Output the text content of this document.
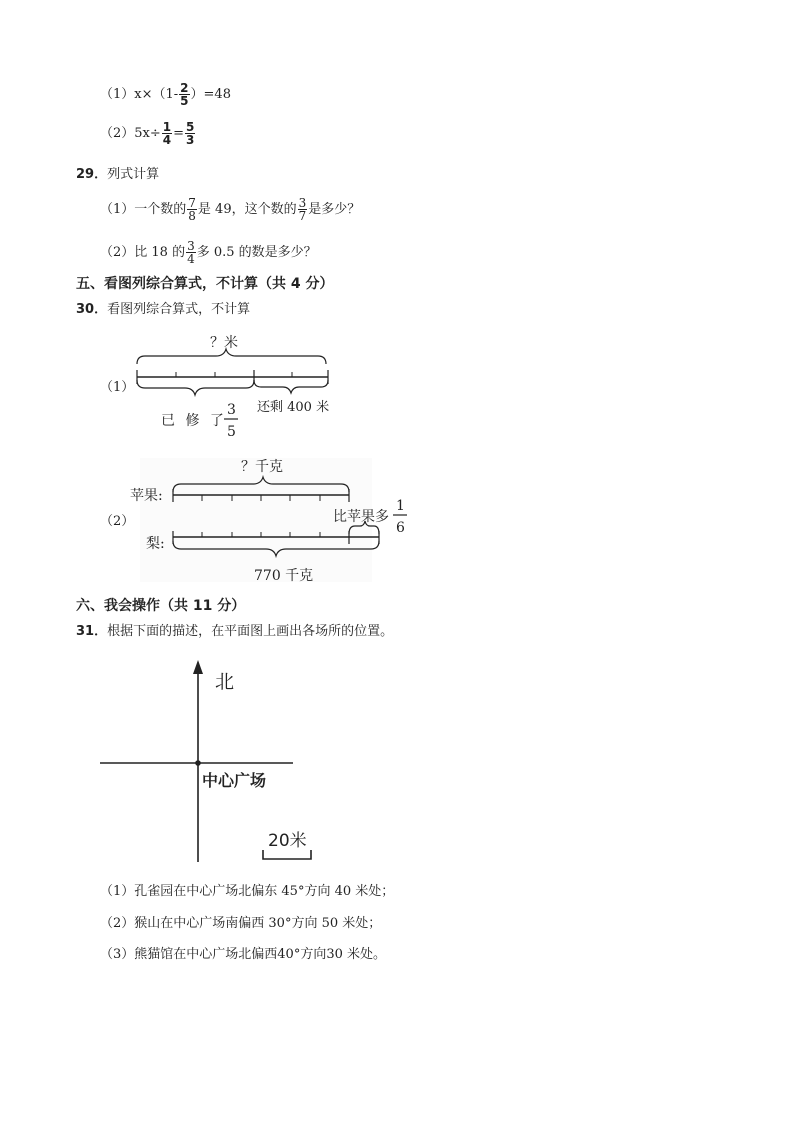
$(1)x\times(1- \frac{2}{5} )=48$
$(2)5x\div \frac{1}{4} = \frac{5}{3}$
29．列式计算
（1）一个数的 $\frac{7}{8}$ 是 49，这个数的 $\frac{3}{7}$ 是多少？
（2）比 18 的 $\frac{3}{4}$ 多 0.5 的数是多少？
五、看图列综合算式，不计算（共 4 分）
30．看图列综合算式，不计算
（1）
？米
还剩 400 米
已 修 了
3
5
（2）
？千克
苹果:
比苹果多
1
6
梨:
770 千克
六、我会操作（共 11 分）
31．根据下面的描述，在平面图上画出各场所的位置。
北
中心广场
20米
（1）孔雀园在中心广场北偏东 45°方向 40 米处；
（2）猴山在中心广场南偏西 30°方向 50 米处；
（3）熊猫馆在中心广场北偏西40°方向30 米处。
